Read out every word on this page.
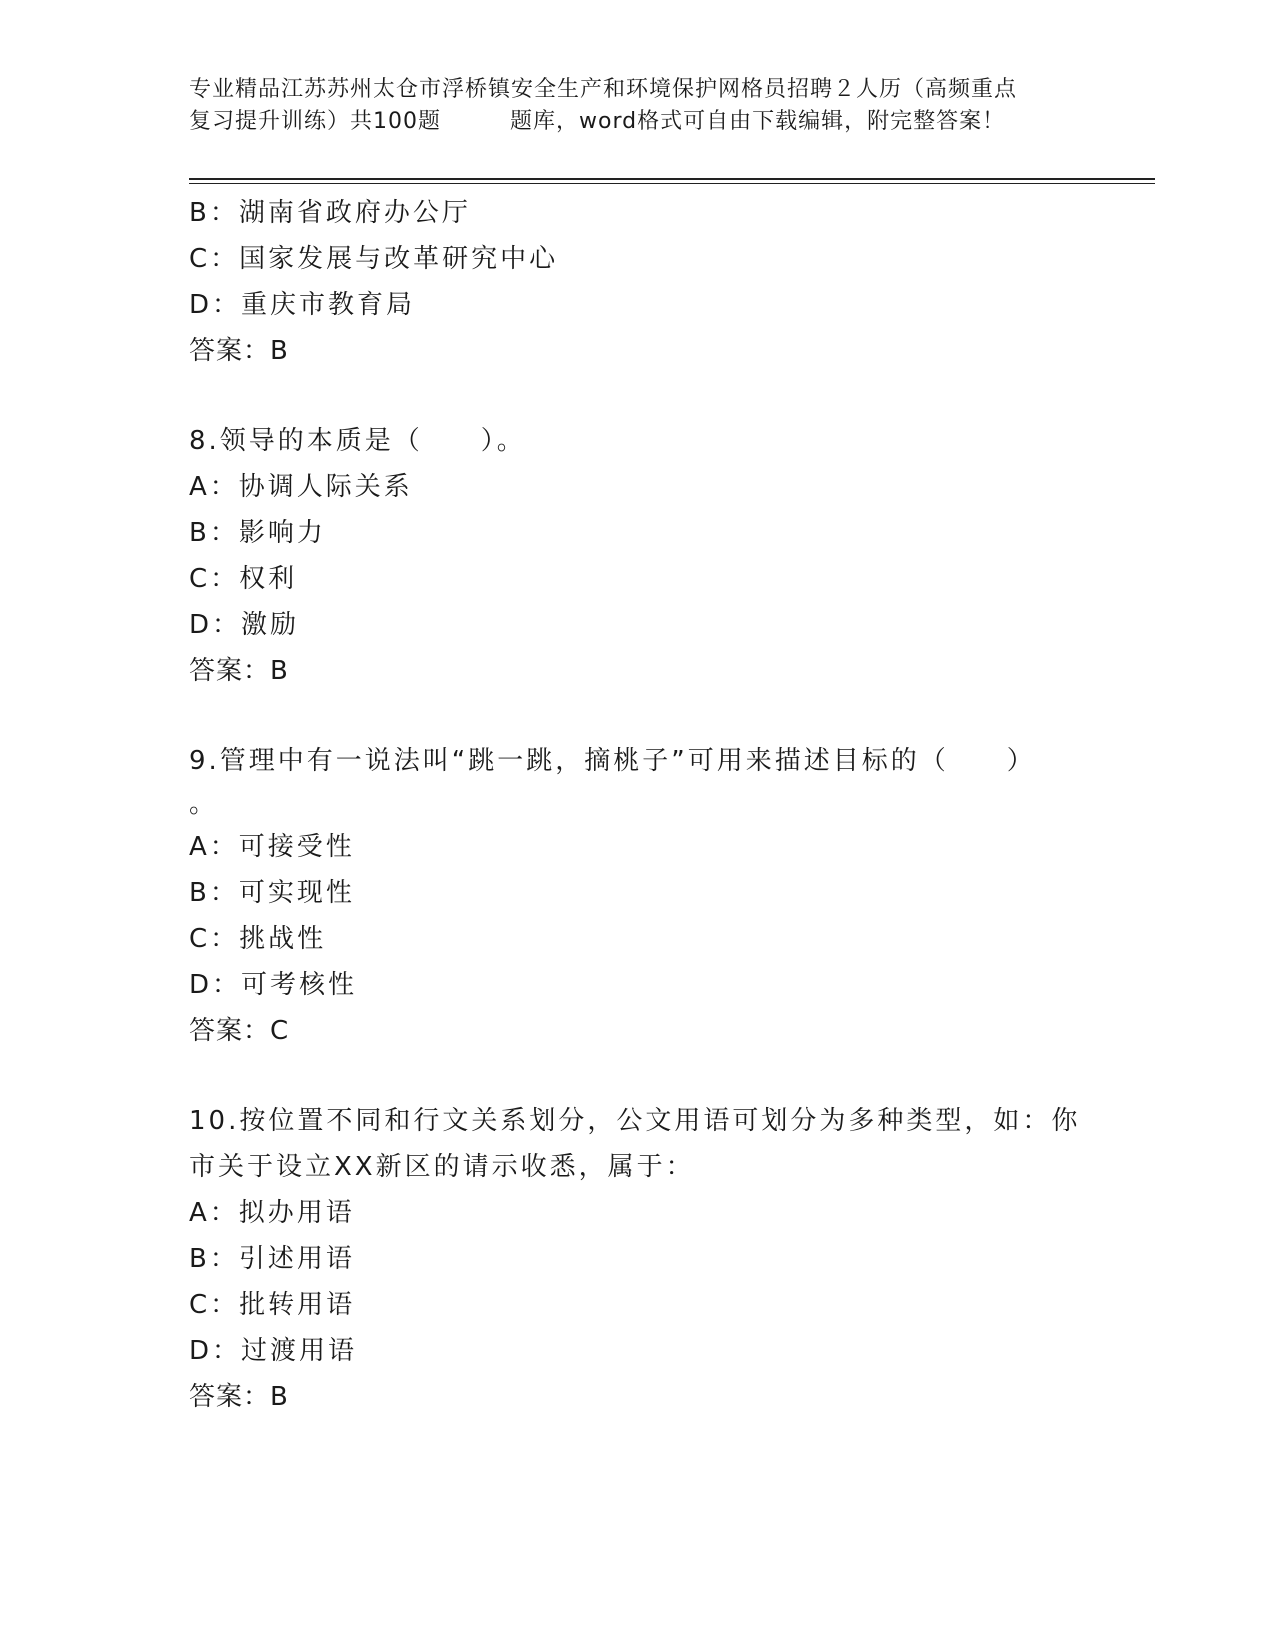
专业精品江苏苏州太仓市浮桥镇安全生产和环境保护网格员招聘２人历（高频重点
复习提升训练）共100题　　　题库，word格式可自由下载编辑，附完整答案！
B：湖南省政府办公厅
C：国家发展与改革研究中心
D：重庆市教育局
答案：B
8.领导的本质是（　　）。
A：协调人际关系
B：影响力
C：权利
D：激励
答案：B
9.管理中有一说法叫“跳一跳，摘桃子”可用来描述目标的（　　）
。
A：可接受性
B：可实现性
C：挑战性
D：可考核性
答案：C
10.按位置不同和行文关系划分，公文用语可划分为多种类型，如：你
市关于设立XX新区的请示收悉，属于：
A：拟办用语
B：引述用语
C：批转用语
D：过渡用语
答案：B
